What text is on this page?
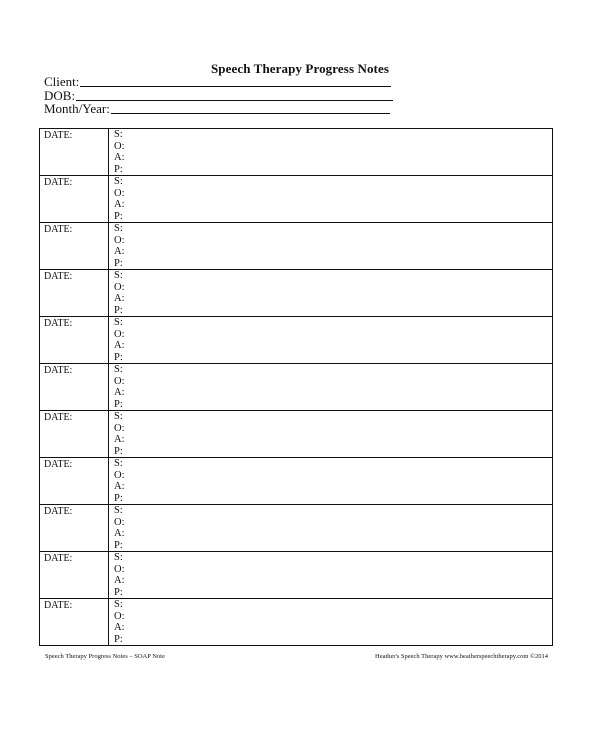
Speech Therapy Progress Notes
Client:
DOB:
Month/Year:
DATE:	S:
O:
A:
P:

DATE:	S:
O:
A:
P:

DATE:	S:
O:
A:
P:

DATE:	S:
O:
A:
P:

DATE:	S:
O:
A:
P:

DATE:	S:
O:
A:
P:

DATE:	S:
O:
A:
P:

DATE:	S:
O:
A:
P:

DATE:	S:
O:
A:
P:

DATE:	S:
O:
A:
P:

DATE:	S:
O:
A:
P:
Speech Therapy Progress Notes – SOAP Note	Heather's Speech Therapy www.heatherspeechtherapy.com ©2014
